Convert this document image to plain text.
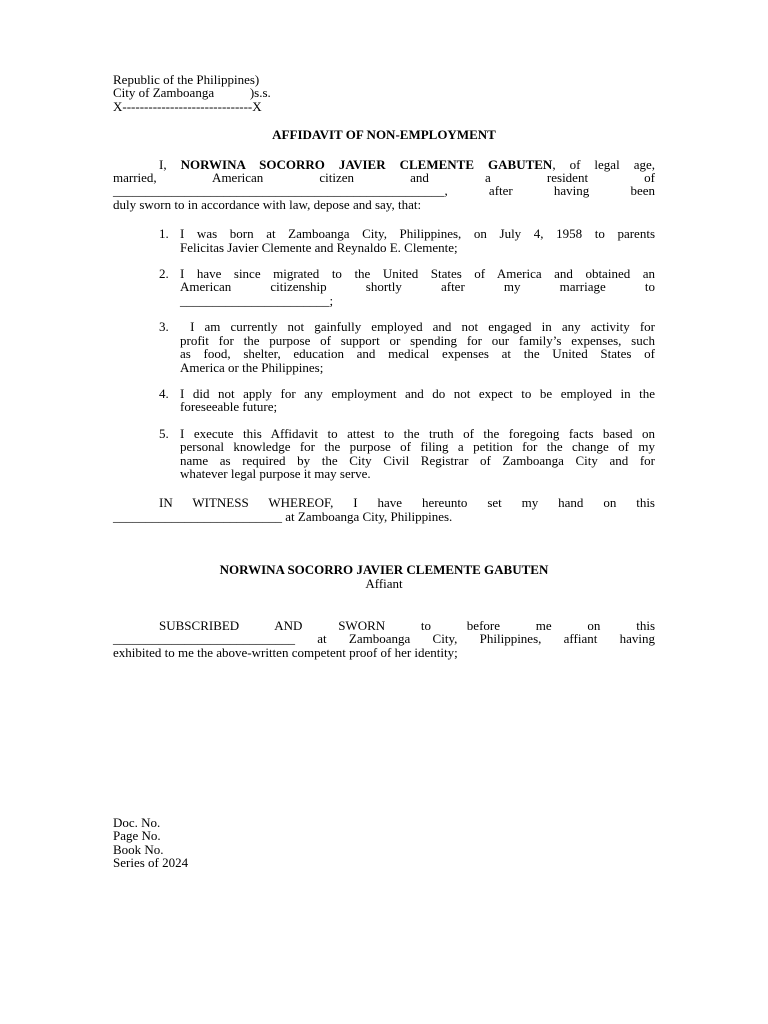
Republic of the Philippines)
City of Zamboanga           )s.s.
X------------------------------X
AFFIDAVIT OF NON-EMPLOYMENT
I, NORWINA SOCORRO JAVIER CLEMENTE GABUTEN, of legal age,
married, American citizen and a resident of
___________________________________________________, after having been
duly sworn to in accordance with law, depose and say, that:
1. I was born at Zamboanga City, Philippines, on July 4, 1958 to parents
Felicitas Javier Clemente and Reynaldo E. Clemente;
2. I have since migrated to the United States of America and obtained an
American citizenship shortly after my marriage to
_______________________;
3. I am currently not gainfully employed and not engaged in any activity for
profit for the purpose of support or spending for our family’s expenses, such
as food, shelter, education and medical expenses at the United States of
America or the Philippines;
4. I did not apply for any employment and do not expect to be employed in the
foreseeable future;
5. I execute this Affidavit to attest to the truth of the foregoing facts based on
personal knowledge for the purpose of filing a petition for the change of my
name as required by the City Civil Registrar of Zamboanga City and for
whatever legal purpose it may serve.
IN WITNESS WHEREOF, I have hereunto set my hand on this
__________________________ at Zamboanga City, Philippines.
NORWINA SOCORRO JAVIER CLEMENTE GABUTEN
Affiant
SUBSCRIBED AND SWORN to before me on this
____________________________ at Zamboanga City, Philippines, affiant having
exhibited to me the above-written competent proof of her identity;
Doc. No.
Page No.
Book No.
Series of 2024
